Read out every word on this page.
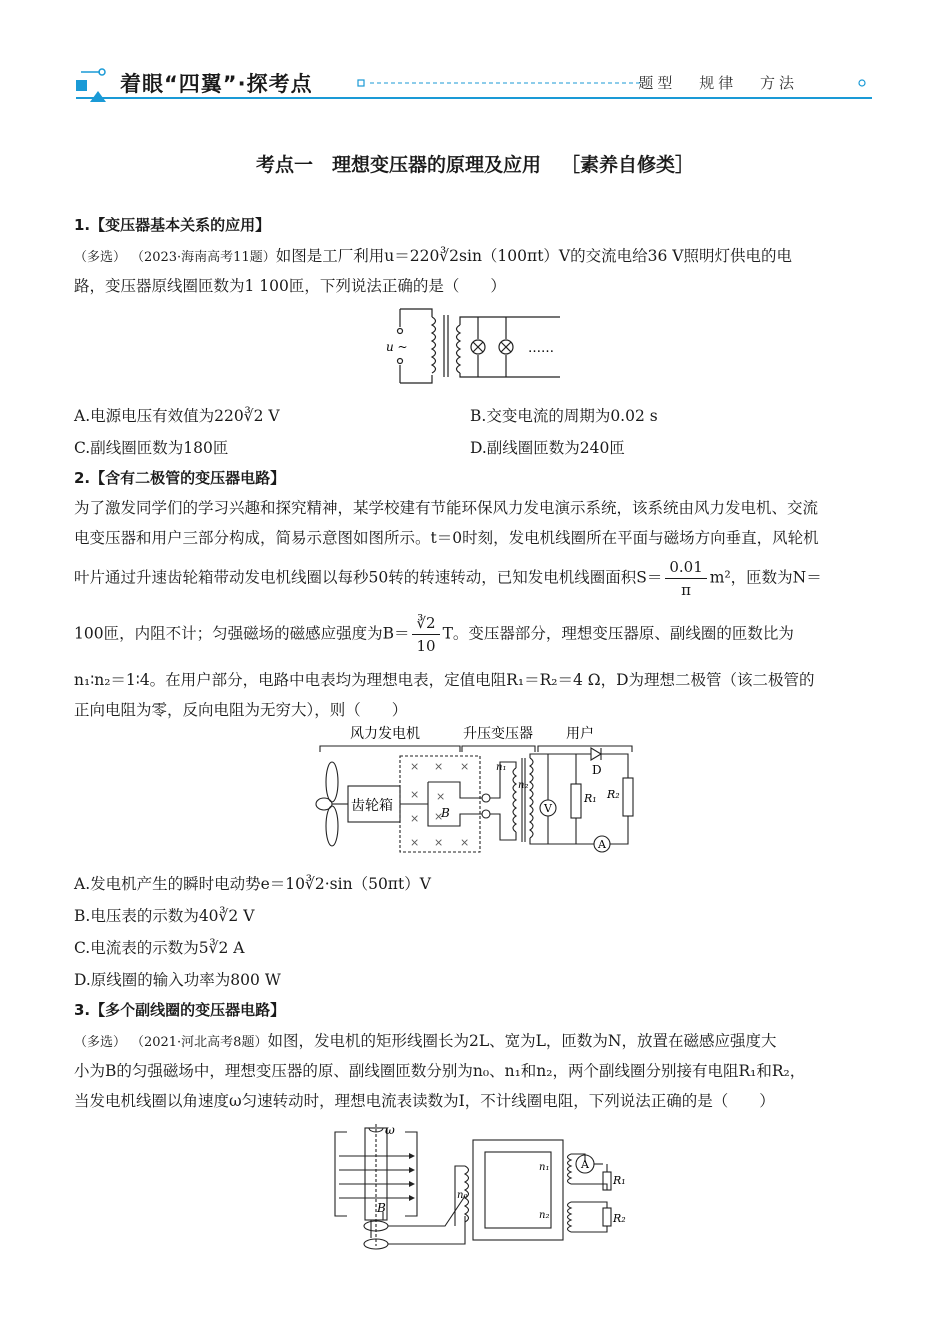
着眼“四翼”·探考点	题型 规律 方法
考点一　理想变压器的原理及应用 ［素养自修类］
1.【变压器基本关系的应用】
（多选） （2023·海南高考11题）如图是工厂利用u＝220∛2sin（100πt）V的交流电给36 V照明灯供电的电
路，变压器原线圈匝数为1 100匝，下列说法正确的是（　　）
u ~	……
A.电源电压有效值为220∛2 V	B.交变电流的周期为0.02 s
C.副线圈匝数为180匝	D.副线圈匝数为240匝
2.【含有二极管的变压器电路】
为了激发同学们的学习兴趣和探究精神，某学校建有节能环保风力发电演示系统，该系统由风力发电机、交流
电变压器和用户三部分构成，简易示意图如图所示。t＝0时刻，发电机线圈所在平面与磁场方向垂直，风轮机
叶片通过升速齿轮箱带动发电机线圈以每秒50转的转速转动，已知发电机线圈面积$S= \frac{0.01}{\pi} m^2$，匝数为N＝
100匝，内阻不计；匀强磁场的磁感应强度为$B= \frac{∛2}{10}$ T。变压器部分，理想变压器原、副线圈的匝数比为
n₁∶n₂＝1∶4。在用户部分，电路中电表均为理想电表，定值电阻R₁＝R₂＝4 Ω，D为理想二极管（该二极管的
正向电阻为零，反向电阻为无穷大），则（　　）
× × ×
× ×
× ×
× × ×
风力发电机	升压变压器 用户
齿轮箱	B
n₁
n₂
V
A
D
R₁ R₂
A.发电机产生的瞬时电动势e＝10∛2·sin（50πt）V
B.电压表的示数为40∛2 V
C.电流表的示数为5∛2 A
D.原线圈的输入功率为800 W
3.【多个副线圈的变压器电路】
（多选） （2021·河北高考8题）如图，发电机的矩形线圈长为2L、宽为L，匝数为N，放置在磁感应强度大
小为B的匀强磁场中，理想变压器的原、副线圈匝数分别为n₀、n₁和n₂，两个副线圈分别接有电阻R₁和R₂，
当发电机线圈以角速度ω匀速转动时，理想电流表读数为I，不计线圈电阻，下列说法正确的是（　　）
ω
B
n₀
n₁
n₂
A
R₁
R₂
